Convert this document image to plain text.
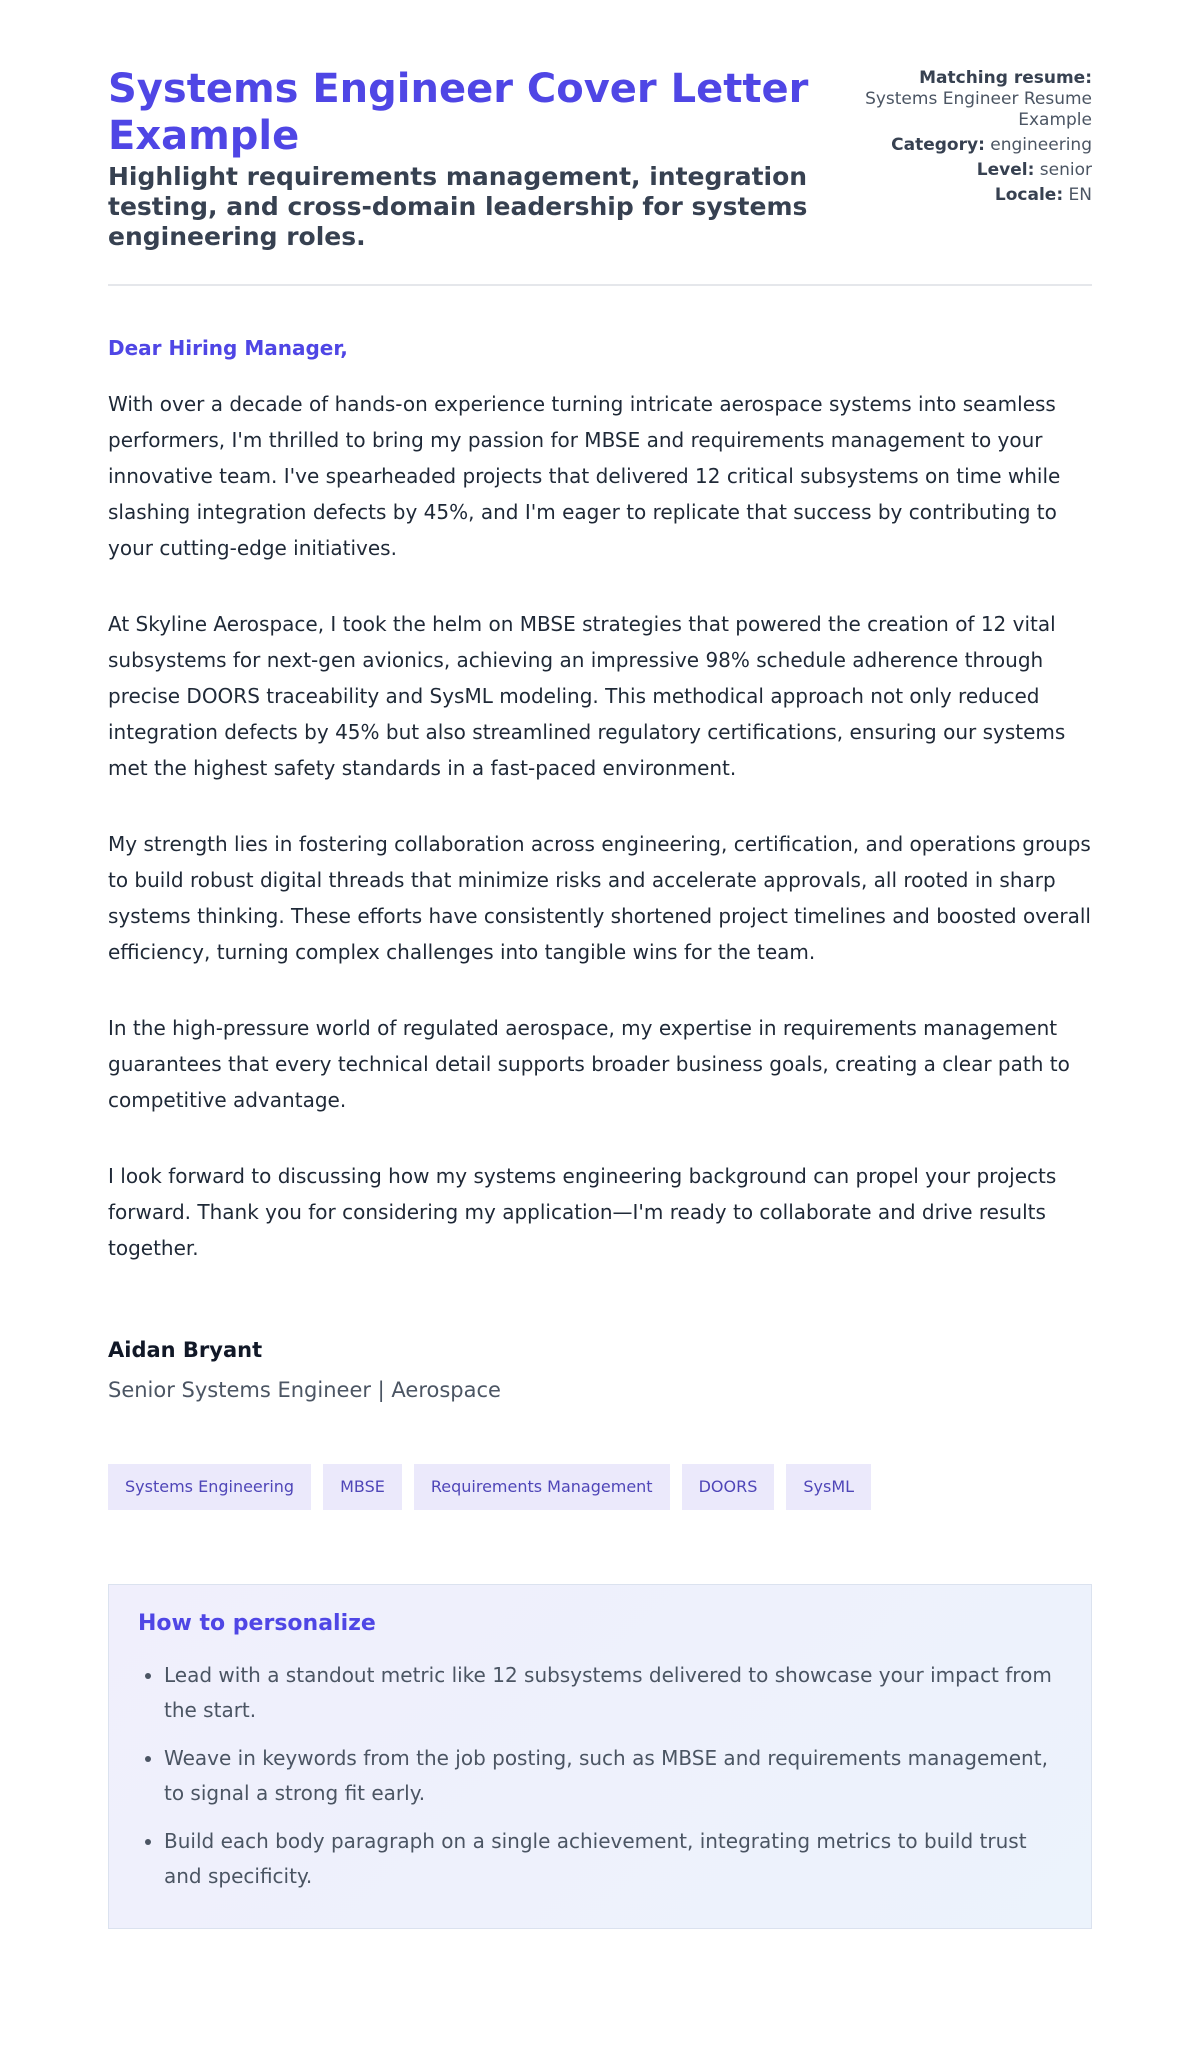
Systems Engineer Cover Letter Example
Highlight requirements management, integration testing, and cross-domain leadership for systems engineering roles.
Matching resume:
Systems Engineer Resume Example
Category: engineering
Level: senior
Locale: EN

Dear Hiring Manager,

With over a decade of hands-on experience turning intricate aerospace systems into seamless performers, I'm thrilled to bring my passion for MBSE and requirements management to your innovative team. I've spearheaded projects that delivered 12 critical subsystems on time while slashing integration defects by 45%, and I'm eager to replicate that success by contributing to your cutting-edge initiatives.

At Skyline Aerospace, I took the helm on MBSE strategies that powered the creation of 12 vital subsystems for next-gen avionics, achieving an impressive 98% schedule adherence through precise DOORS traceability and SysML modeling. This methodical approach not only reduced integration defects by 45% but also streamlined regulatory certifications, ensuring our systems met the highest safety standards in a fast-paced environment.

My strength lies in fostering collaboration across engineering, certification, and operations groups to build robust digital threads that minimize risks and accelerate approvals, all rooted in sharp systems thinking. These efforts have consistently shortened project timelines and boosted overall efficiency, turning complex challenges into tangible wins for the team.

In the high-pressure world of regulated aerospace, my expertise in requirements management guarantees that every technical detail supports broader business goals, creating a clear path to competitive advantage.

I look forward to discussing how my systems engineering background can propel your projects forward. Thank you for considering my application—I'm ready to collaborate and drive results together.

Aidan Bryant

Senior Systems Engineer | Aerospace

Systems Engineering	MBSE	Requirements Management	DOORS	SysML
How to personalize
• Lead with a standout metric like 12 subsystems delivered to showcase your impact from the start.
• Weave in keywords from the job posting, such as MBSE and requirements management, to signal a strong fit early.
• Build each body paragraph on a single achievement, integrating metrics to build trust and specificity.
